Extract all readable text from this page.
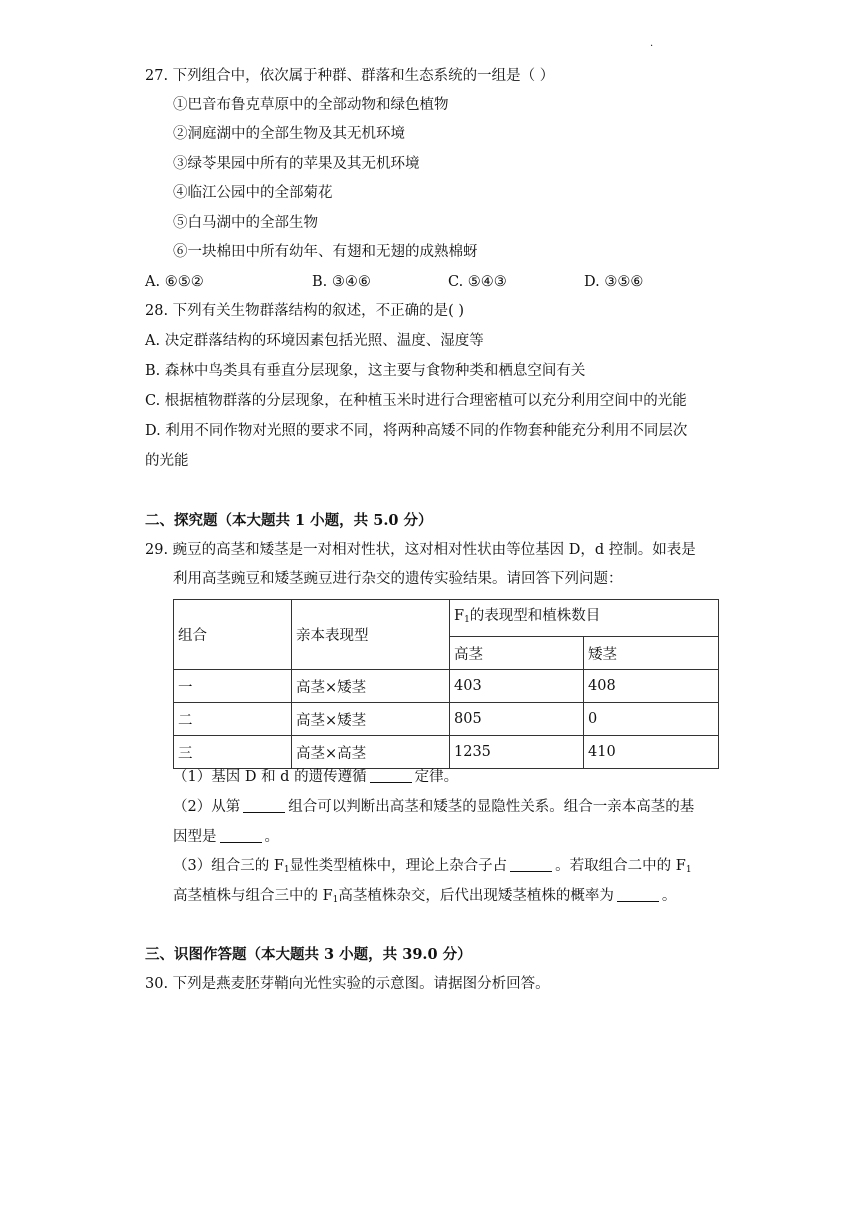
.
27. 下列组合中，依次属于种群、群落和生态系统的一组是（ ）
①巴音布鲁克草原中的全部动物和绿色植物
②洞庭湖中的全部生物及其无机环境
③绿苓果园中所有的苹果及其无机环境
④临江公园中的全部菊花
⑤白马湖中的全部生物
⑥一块棉田中所有幼年、有翅和无翅的成熟棉蚜
A. ⑥⑤②	B. ③④⑥	C. ⑤④③	D. ③⑤⑥
28. 下列有关生物群落结构的叙述，不正确的是( )
A. 决定群落结构的环境因素包括光照、温度、湿度等
B. 森林中鸟类具有垂直分层现象，这主要与食物种类和栖息空间有关
C. 根据植物群落的分层现象，在种植玉米时进行合理密植可以充分利用空间中的光能
D. 利用不同作物对光照的要求不同，将两种高矮不同的作物套种能充分利用不同层次
的光能
二、探究题（本大题共 1 小题，共 5.0 分）
29. 豌豆的高茎和矮茎是一对相对性状，这对相对性状由等位基因 D，d 控制。如表是
利用高茎豌豆和矮茎豌豆进行杂交的遗传实验结果。请回答下列问题：
组合	亲本表现型	$F_1$的表现型和植株数目	
		高茎	矮茎
一	高茎×矮茎	403	408
二	高茎×矮茎	805	0
三	高茎×高茎	1235	410
（1）基因 D 和 d 的遗传遵循	定律。
（2）从第	组合可以判断出高茎和矮茎的显隐性关系。组合一亲本高茎的基
因型是	。
（3）组合三的 $F_1$显性类型植株中，理论上杂合子占	。若取组合二中的 $F_1$
高茎植株与组合三中的 $F_1$高茎植株杂交，后代出现矮茎植株的概率为	。
三、识图作答题（本大题共 3 小题，共 39.0 分）
30. 下列是燕麦胚芽鞘向光性实验的示意图。请据图分析回答。
